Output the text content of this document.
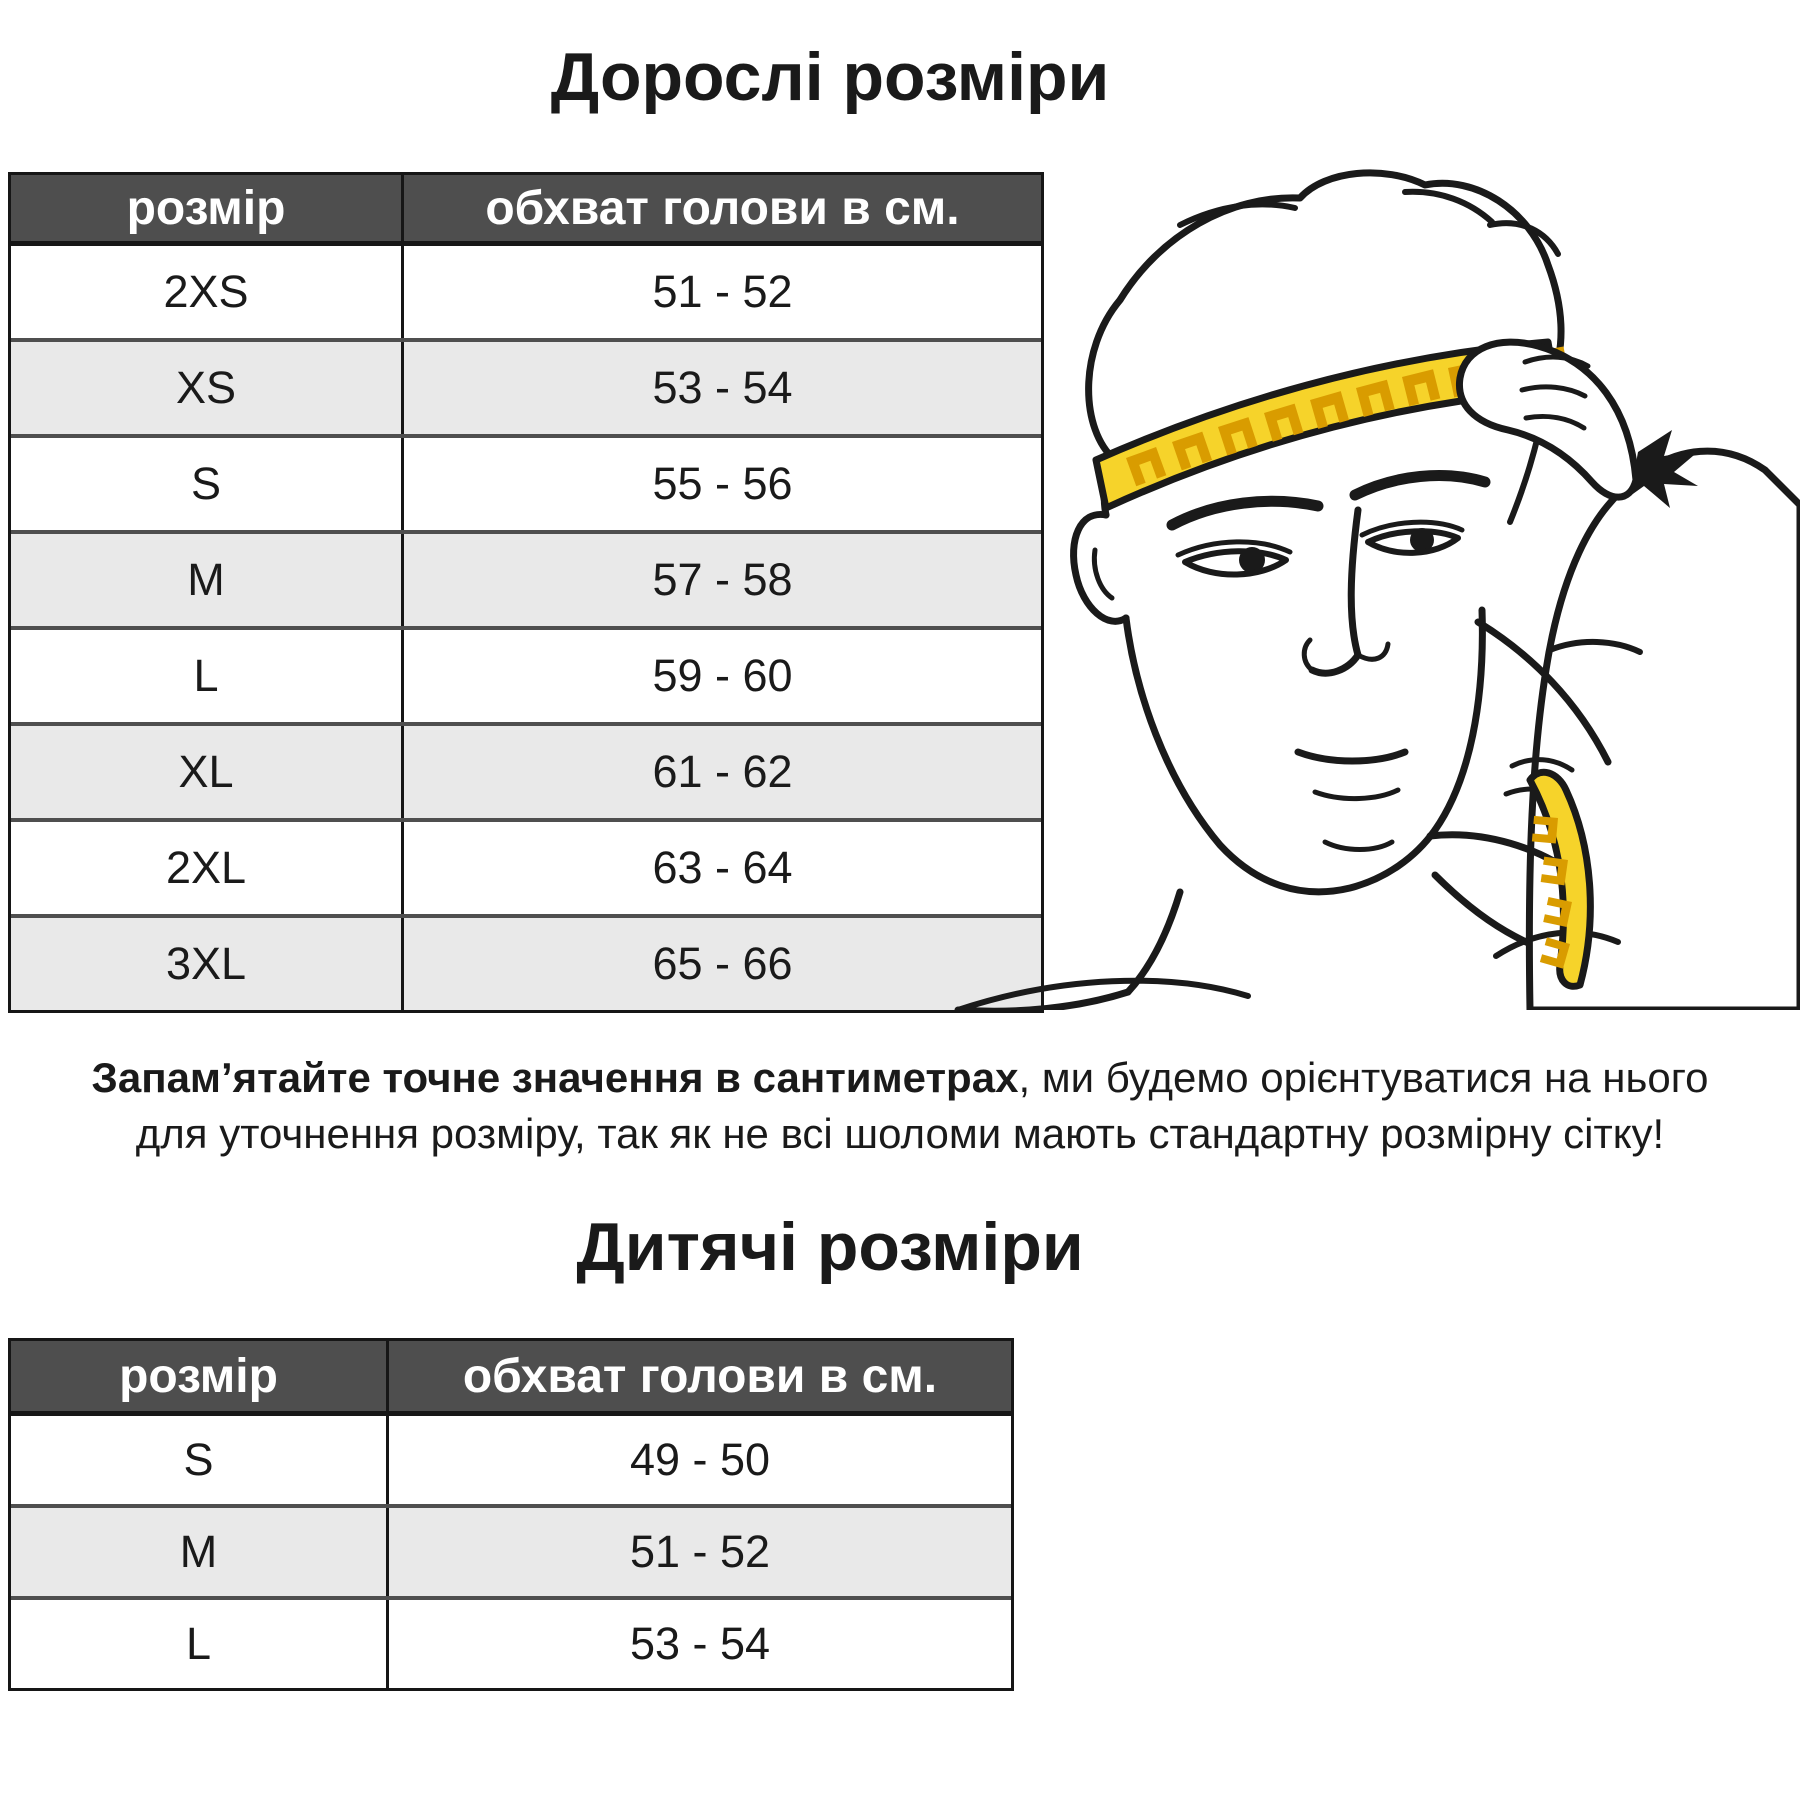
Дорослі розміри
розмір	обхват голови в см.
2XS	51 - 52
XS	53 - 54
S	55 - 56
M	57 - 58
L	59 - 60
XL	61 - 62
2XL	63 - 64
3XL	65 - 66
Запам’ятайте точне значення в сантиметрах, ми будемо орієнтуватися на нього
для уточнення розміру, так як не всі шоломи мають стандартну розмірну сітку!
Дитячі розміри
розмір	обхват голови в см.
S	49 - 50
M	51 - 52
L	53 - 54
